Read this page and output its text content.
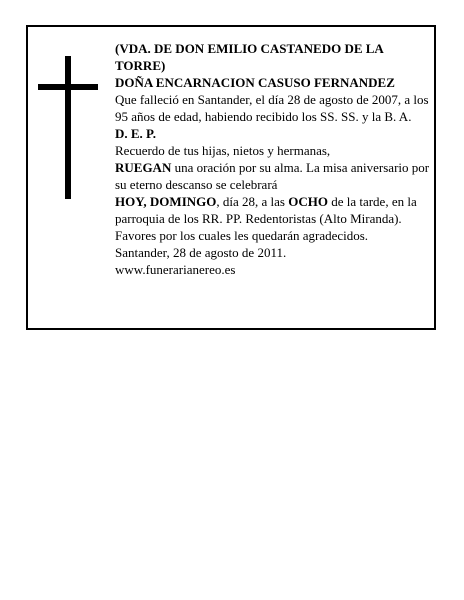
(VDA. DE DON EMILIO CASTANEDO DE LA TORRE)

DOÑA ENCARNACION CASUSO FERNANDEZ

Que falleció en Santander, el día 28 de agosto de 2007, a los 95 años de edad, habiendo recibido los SS. SS. y la B. A.

D. E. P.

Recuerdo de tus hijas, nietos y hermanas,

RUEGAN una oración por su alma. La misa aniversario por su eterno descanso se celebrará

HOY, DOMINGO, día 28, a las OCHO de la tarde, en la parroquia de los RR. PP. Redentoristas (Alto Miranda). Favores por los cuales les quedarán agradecidos.

Santander, 28 de agosto de 2011.

www.funerarianereo.es
